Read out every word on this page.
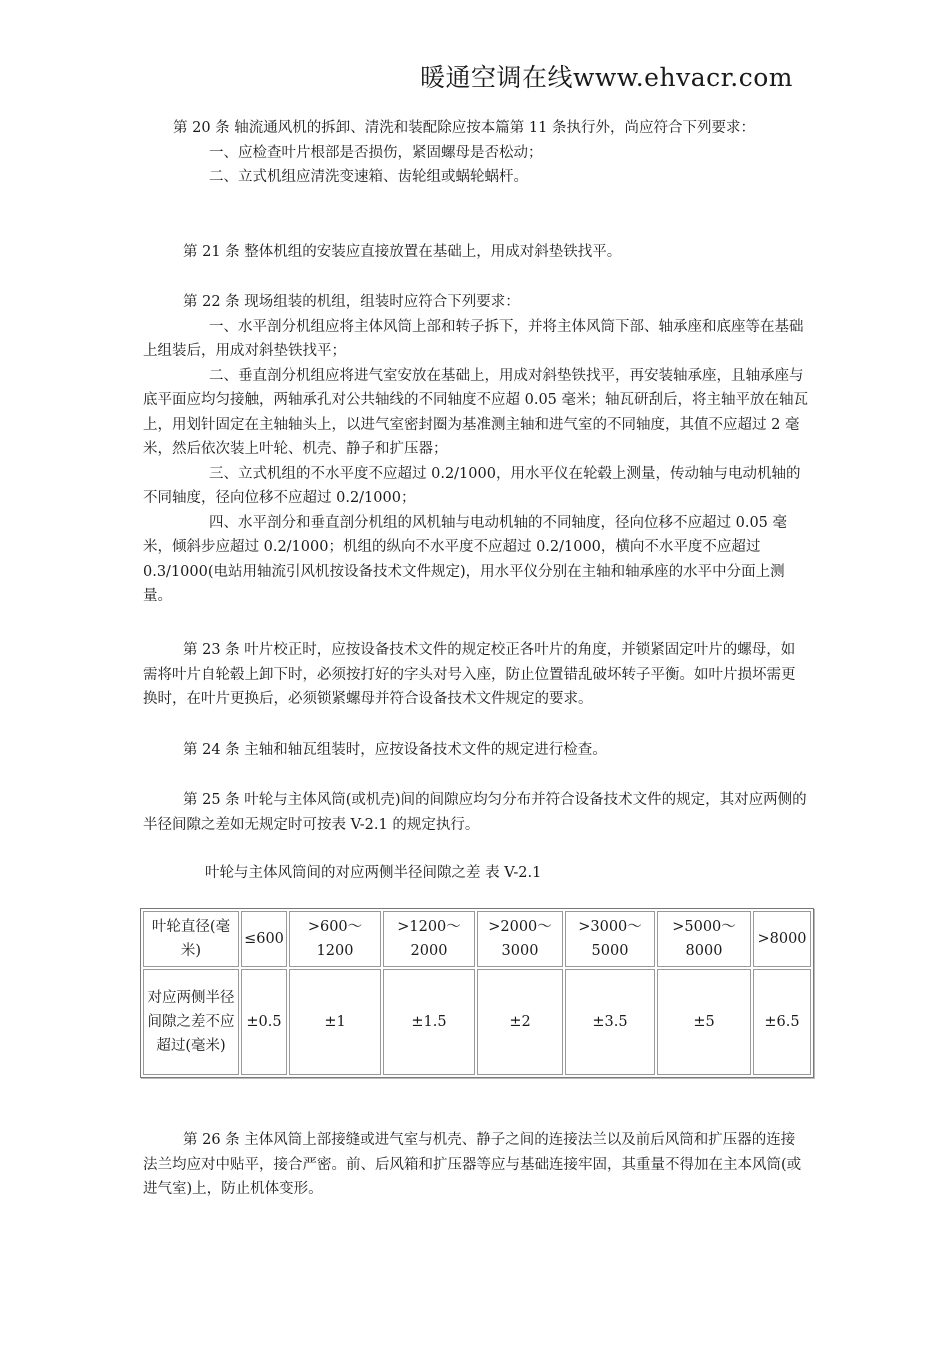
暖通空调在线www.ehvacr.com

第 20 条 轴流通风机的拆卸、清洗和装配除应按本篇第 11 条执行外，尚应符合下列要求：

一、应检查叶片根部是否损伤，紧固螺母是否松动；

二、立式机组应清洗变速箱、齿轮组或蜗轮蜗杆。

第 21 条 整体机组的安装应直接放置在基础上，用成对斜垫铁找平。

第 22 条 现场组装的机组，组装时应符合下列要求：

一、水平剖分机组应将主体风筒上部和转子拆下，并将主体风筒下部、轴承座和底座等在基础上组装后，用成对斜垫铁找平；

二、垂直剖分机组应将进气室安放在基础上，用成对斜垫铁找平，再安装轴承座，且轴承座与底平面应均匀接触，两轴承孔对公共轴线的不同轴度不应超 0.05 毫米；轴瓦研刮后，将主轴平放在轴瓦上，用划针固定在主轴轴头上，以进气室密封圈为基准测主轴和进气室的不同轴度，其值不应超过 2 毫米，然后依次装上叶轮、机壳、静子和扩压器；

三、立式机组的不水平度不应超过 0.2/1000，用水平仪在轮毂上测量，传动轴与电动机轴的不同轴度，径向位移不应超过 0.2/1000；

四、水平剖分和垂直剖分机组的风机轴与电动机轴的不同轴度，径向位移不应超过 0.05 毫米，倾斜步应超过 0.2/1000；机组的纵向不水平度不应超过 0.2/1000，横向不水平度不应超过 0.3/1000(电站用轴流引风机按设备技术文件规定)，用水平仪分别在主轴和轴承座的水平中分面上测量。

第 23 条 叶片校正时，应按设备技术文件的规定校正各叶片的角度，并锁紧固定叶片的螺母，如需将叶片自轮毂上卸下时，必须按打好的字头对号入座，防止位置错乱破坏转子平衡。如叶片损坏需更换时，在叶片更换后，必须锁紧螺母并符合设备技术文件规定的要求。

第 24 条 主轴和轴瓦组装时，应按设备技术文件的规定进行检查。

第 25 条 叶轮与主体风筒(或机壳)间的间隙应均匀分布并符合设备技术文件的规定，其对应两侧的半径间隙之差如无规定时可按表 V-2.1 的规定执行。

叶轮与主体风筒间的对应两侧半径间隙之差 表 V-2.1
叶轮直径(毫米)	≤600	>600～1200	>1200～2000	>2000～3000	>3000～5000	>5000～8000	>8000
对应两侧半径间隙之差不应超过(毫米)	±0.5	±1	±1.5	±2	±3.5	±5	±6.5

第 26 条 主体风筒上部接缝或进气室与机壳、静子之间的连接法兰以及前后风筒和扩压器的连接法兰均应对中贴平，接合严密。前、后风箱和扩压器等应与基础连接牢固，其重量不得加在主本风筒(或进气室)上，防止机体变形。
